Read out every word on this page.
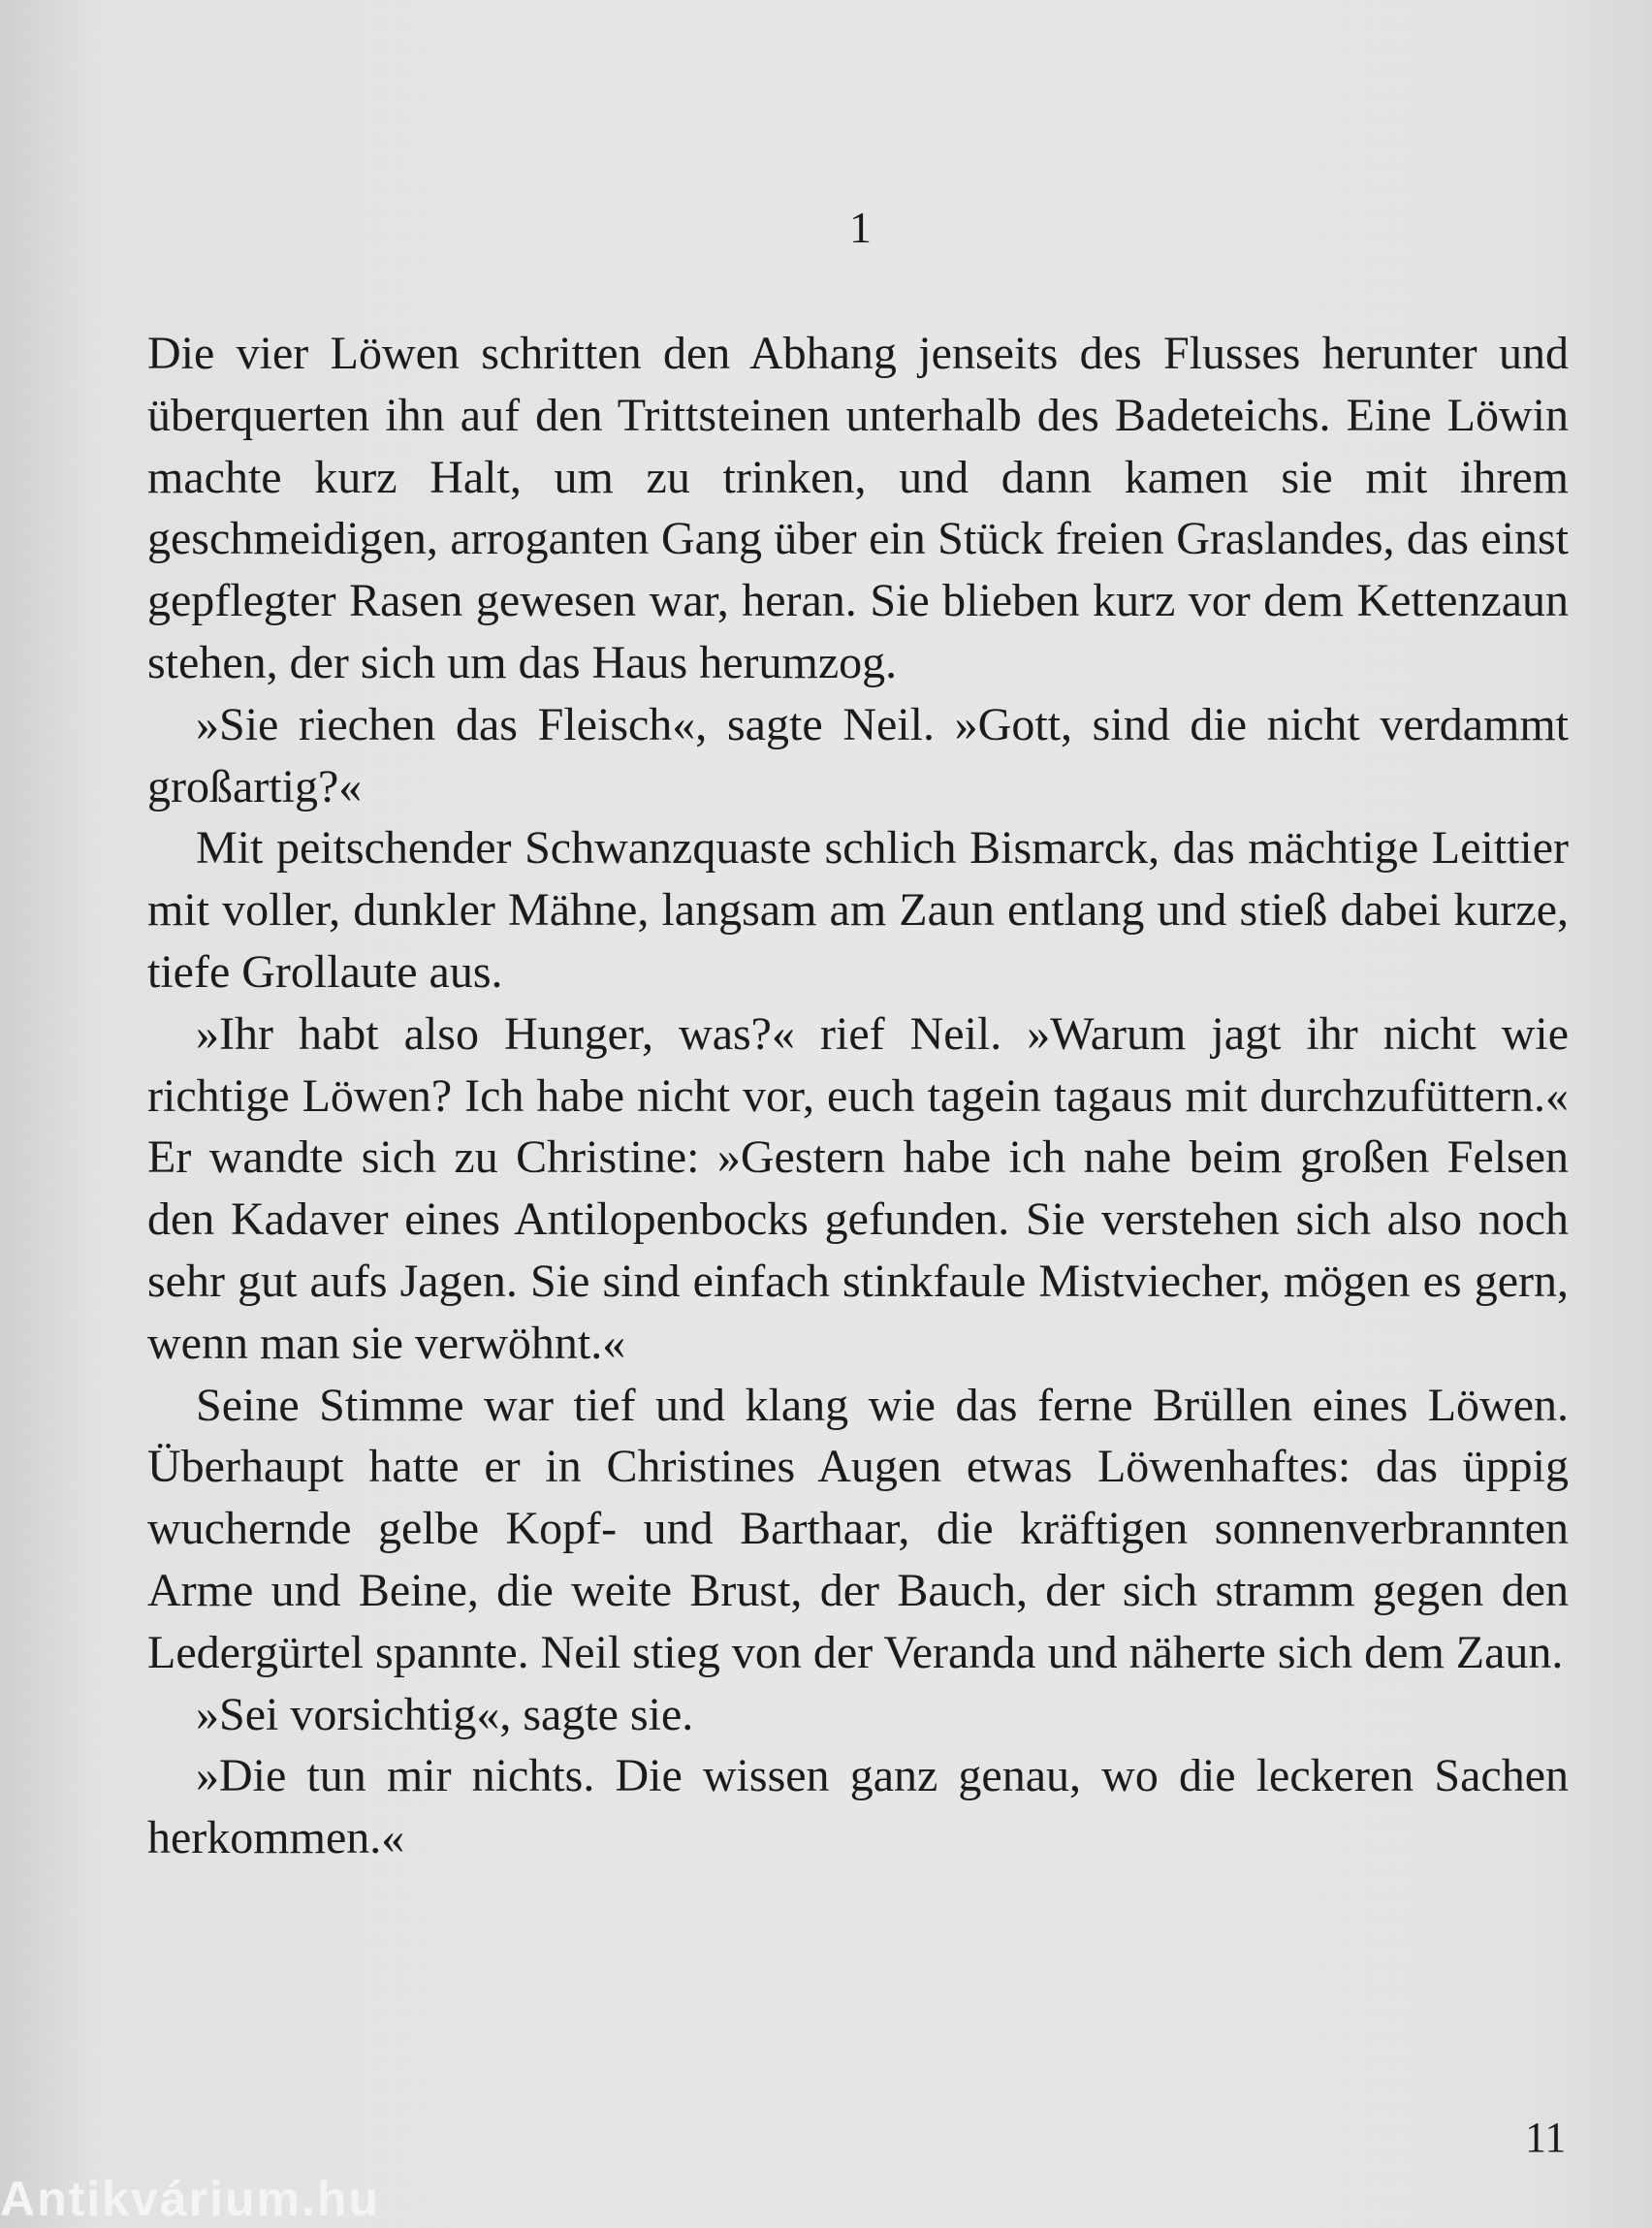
1

Die vier Löwen schritten den Abhang jenseits des Flusses herunter und überquerten ihn auf den Trittsteinen unterhalb des Badeteichs. Eine Löwin machte kurz Halt, um zu trinken, und dann kamen sie mit ihrem geschmeidigen, arroganten Gang über ein Stück freien Graslandes, das einst gepflegter Rasen gewesen war, heran. Sie blieben kurz vor dem Kettenzaun stehen, der sich um das Haus herumzog.

»Sie riechen das Fleisch«, sagte Neil. »Gott, sind die nicht verdammt großartig?«

Mit peitschender Schwanzquaste schlich Bismarck, das mächtige Leittier mit voller, dunkler Mähne, langsam am Zaun entlang und stieß dabei kurze, tiefe Grollaute aus.

»Ihr habt also Hunger, was?« rief Neil. »Warum jagt ihr nicht wie richtige Löwen? Ich habe nicht vor, euch tagein tagaus mit durchzufüttern.« Er wandte sich zu Christine: »Gestern habe ich nahe beim großen Felsen den Kadaver eines Antilopenbocks gefunden. Sie verstehen sich also noch sehr gut aufs Jagen. Sie sind einfach stinkfaule Mistviecher, mögen es gern, wenn man sie verwöhnt.«

Seine Stimme war tief und klang wie das ferne Brüllen eines Löwen. Überhaupt hatte er in Christines Augen etwas Löwenhaftes: das üppig wuchernde gelbe Kopf- und Barthaar, die kräftigen sonnenverbrannten Arme und Beine, die weite Brust, der Bauch, der sich stramm gegen den Ledergürtel spannte. Neil stieg von der Veranda und näherte sich dem Zaun.

»Sei vorsichtig«, sagte sie.

»Die tun mir nichts. Die wissen ganz genau, wo die leckeren Sachen herkommen.«

11
Antikvárium.hu
